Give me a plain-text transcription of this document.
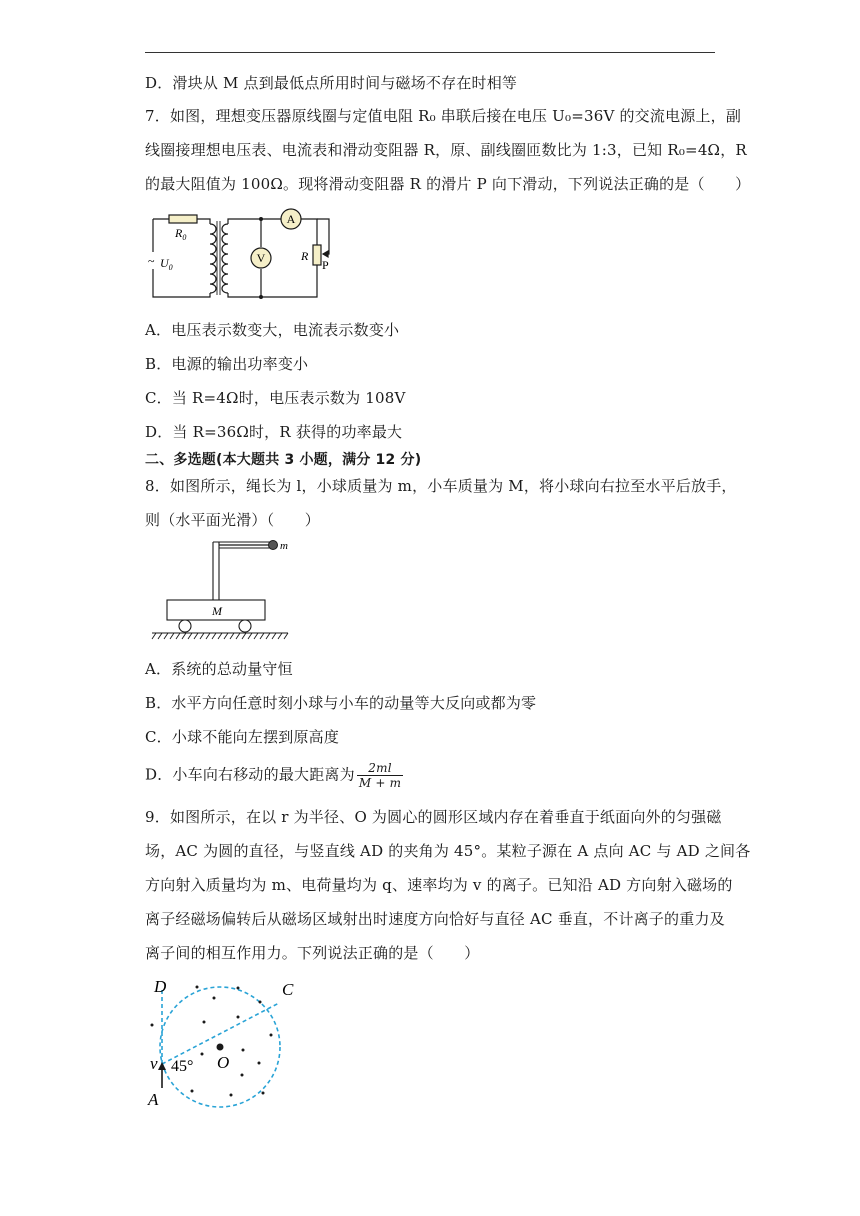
D．滑块从 M 点到最低点所用时间与磁场不存在时相等
7．如图，理想变压器原线圈与定值电阻 R₀ 串联后接在电压 U₀=36V 的交流电源上，副
线圈接理想电压表、电流表和滑动变阻器 R，原、副线圈匝数比为 1:3，已知 R₀=4Ω，R
的最大阻值为 100Ω。现将滑动变阻器 R 的滑片 P 向下滑动，下列说法正确的是（　　）
A
V	R
P
$R_0$
~ $U_0$
A．电压表示数变大，电流表示数变小
B．电源的输出功率变小
C．当 R=4Ω时，电压表示数为 108V
D．当 R=36Ω时，R 获得的功率最大
二、多选题(本大题共 3 小题，满分 12 分)
8．如图所示，绳长为 l，小球质量为 m，小车质量为 M，将小球向右拉至水平后放手，
则（水平面光滑）（　　）
m
M
A．系统的总动量守恒
B．水平方向任意时刻小球与小车的动量等大反向或都为零
C．小球不能向左摆到原高度
D．小车向右移动的最大距离为 $\frac{2ml}{M + m}$
9．如图所示，在以 r 为半径、O 为圆心的圆形区域内存在着垂直于纸面向外的匀强磁
场，AC 为圆的直径，与竖直线 AD 的夹角为 45°。某粒子源在 A 点向 AC 与 AD 之间各
方向射入质量均为 m、电荷量均为 q、速率均为 v 的离子。已知沿 AD 方向射入磁场的
离子经磁场偏转后从磁场区域射出时速度方向恰好与直径 AC 垂直，不计离子的重力及
离子间的相互作用力。下列说法正确的是（　　）
D	C
O
A
v 45°
